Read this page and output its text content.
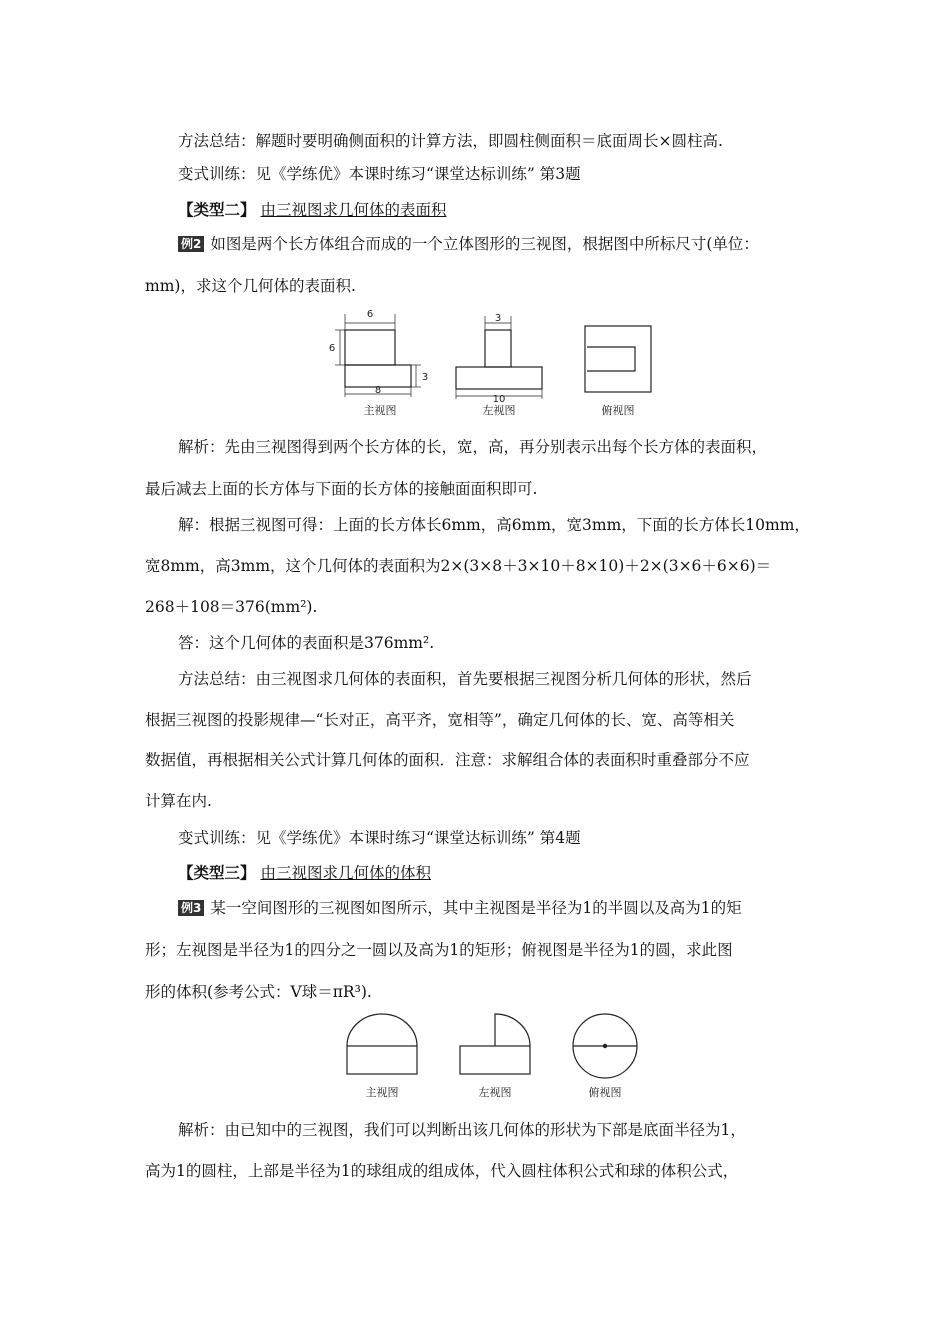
方法总结：解题时要明确侧面积的计算方法，即圆柱侧面积＝底面周长×圆柱高.
变式训练：见《学练优》本课时练习“课堂达标训练” 第3题
【类型二】 由三视图求几何体的表面积
例2 如图是两个长方体组合而成的一个立体图形的三视图，根据图中所标尺寸(单位：
mm)，求这个几何体的表面积.
6
6
3
8
3
10
主视图	左视图	俯视图
解析：先由三视图得到两个长方体的长，宽，高，再分别表示出每个长方体的表面积，
最后减去上面的长方体与下面的长方体的接触面面积即可.
解：根据三视图可得：上面的长方体长6mm，高6mm，宽3mm，下面的长方体长10mm，
宽8mm，高3mm，这个几何体的表面积为2×(3×8＋3×10＋8×10)＋2×(3×6＋6×6)＝
268＋108＝376(mm²).
答：这个几何体的表面积是376mm².
方法总结：由三视图求几何体的表面积，首先要根据三视图分析几何体的形状，然后
根据三视图的投影规律—“长对正，高平齐，宽相等”，确定几何体的长、宽、高等相关
数据值，再根据相关公式计算几何体的面积．注意：求解组合体的表面积时重叠部分不应
计算在内.
变式训练：见《学练优》本课时练习“课堂达标训练” 第4题
【类型三】 由三视图求几何体的体积
例3 某一空间图形的三视图如图所示，其中主视图是半径为1的半圆以及高为1的矩
形；左视图是半径为1的四分之一圆以及高为1的矩形；俯视图是半径为1的圆，求此图
形的体积(参考公式：V球＝πR³).
主视图	左视图	俯视图
解析：由已知中的三视图，我们可以判断出该几何体的形状为下部是底面半径为1，
高为1的圆柱，上部是半径为1的球组成的组成体，代入圆柱体积公式和球的体积公式，
